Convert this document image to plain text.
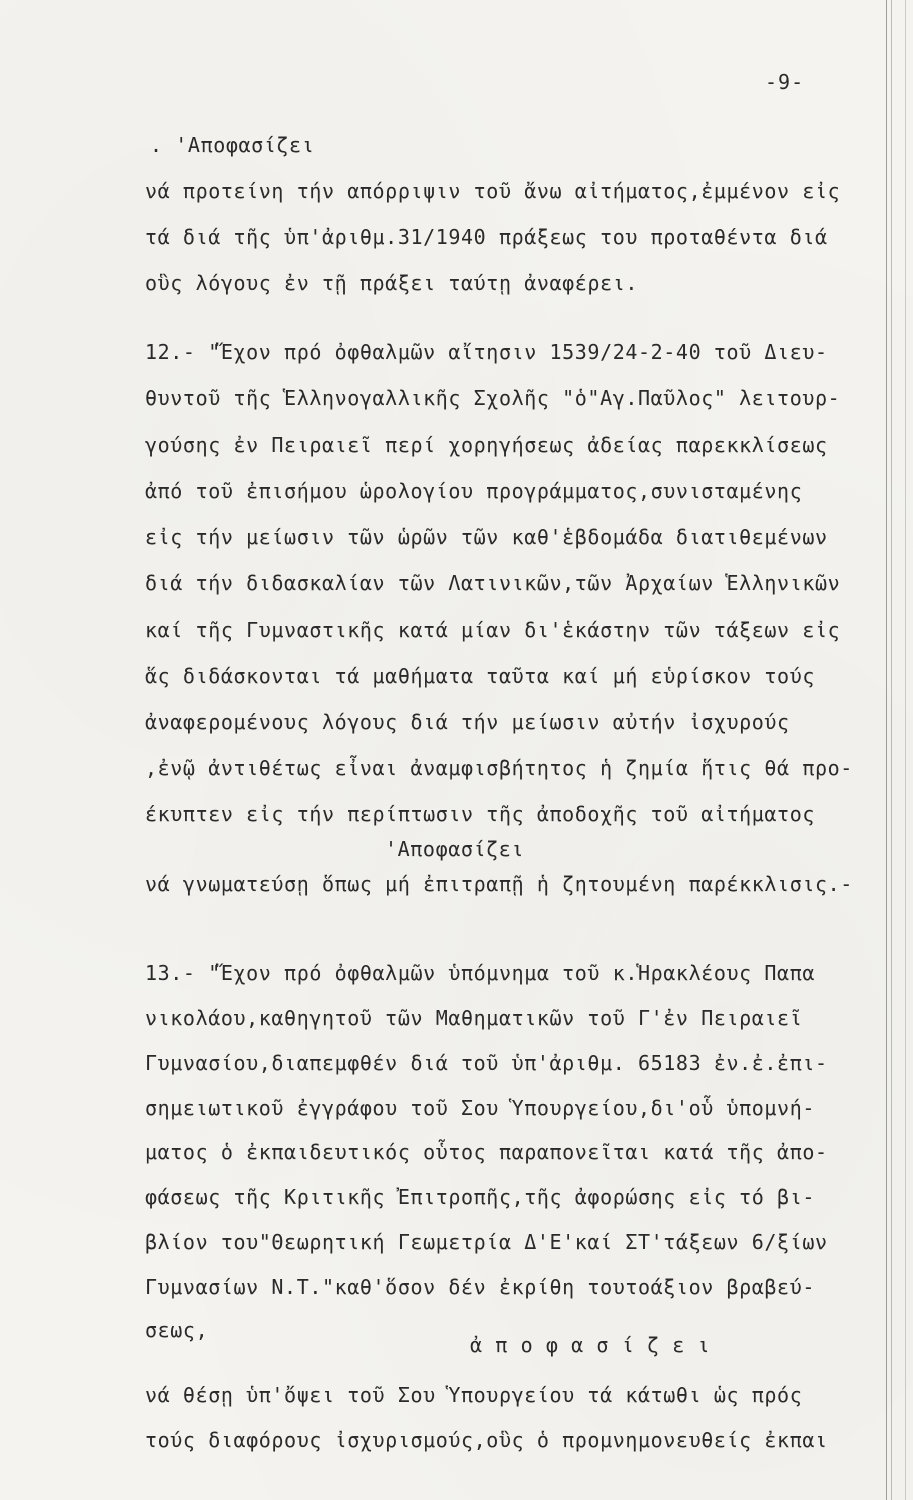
-9-
. 'Αποφασίζει
νά προτείνη τήν απόρριψιν τοῦ ἄνω αἰτήματος,ἐμμένον εἰς
τά διά τῆς ὑπ'ἀριθμ.31/1940 πράξεως του προταθέντα διά
οὓς λόγους ἐν τῇ πράξει ταύτῃ ἀναφέρει.
12.- "Ἔχον πρό ὀφθαλμῶν αἴτησιν 1539/24-2-40 τοῦ Διευ-
θυντοῦ τῆς Ἑλληνογαλλικῆς Σχολῆς "ὁ"Αγ.Παῦλος" λειτουρ-
γούσης ἐν Πειραιεῖ περί χορηγήσεως ἀδείας παρεκκλίσεως
ἀπό τοῦ ἐπισήμου ὡρολογίου προγράμματος,συνισταμένης
εἰς τήν μείωσιν τῶν ὡρῶν τῶν καθ'ἑβδομάδα διατιθεμένων
διά τήν διδασκαλίαν τῶν Λατινικῶν,τῶν Ἀρχαίων Ἑλληνικῶν
καί τῆς Γυμναστικῆς κατά μίαν δι'ἑκάστην τῶν τάξεων εἰς
ἅς διδάσκονται τά μαθήματα ταῦτα καί μή εὑρίσκον τούς
ἀναφερομένους λόγους διά τήν μείωσιν αὐτήν ἰσχυρούς
,ἐνῷ ἀντιθέτως εἶναι ἀναμφισβήτητος ἡ ζημία ἥτις θά προ-
έκυπτεν εἰς τήν περίπτωσιν τῆς ἀποδοχῆς τοῦ αἰτήματος
'Αποφασίζει
νά γνωματεύσῃ ὅπως μή ἐπιτραπῇ ἡ ζητουμένη παρέκκλισις.-
13.- "Ἔχον πρό ὀφθαλμῶν ὑπόμνημα τοῦ κ.Ἡρακλέους Παπα
νικολάου,καθηγητοῦ τῶν Μαθηματικῶν τοῦ Γ'ἐν Πειραιεῖ
Γυμνασίου,διαπεμφθέν διά τοῦ ὑπ'ἀριθμ. 65183 ἐν.ἐ.ἐπι-
σημειωτικοῦ ἐγγράφου τοῦ Σου Ὑπουργείου,δι'οὗ ὑπομνή-
ματος ὁ ἐκπαιδευτικός οὗτος παραπονεῖται κατά τῆς ἀπο-
φάσεως τῆς Κριτικῆς Ἐπιτροπῆς,τῆς ἀφορώσης εἰς τό βι-
βλίον του"Θεωρητική Γεωμετρία Δ'Ε'καί ΣΤ'τάξεων 6/ξίων
Γυμνασίων Ν.Τ."καθ'ὅσον δέν ἐκρίθη τουτοάξιον βραβεύ-
σεως,
ἀ π ο φ α σ ί ζ ε ι
νά θέσῃ ὑπ'ὄψει τοῦ Σου Ὑπουργείου τά κάτωθι ὡς πρός
τούς διαφόρους ἰσχυρισμούς,οὓς ὁ προμνημονευθείς ἐκπαι
